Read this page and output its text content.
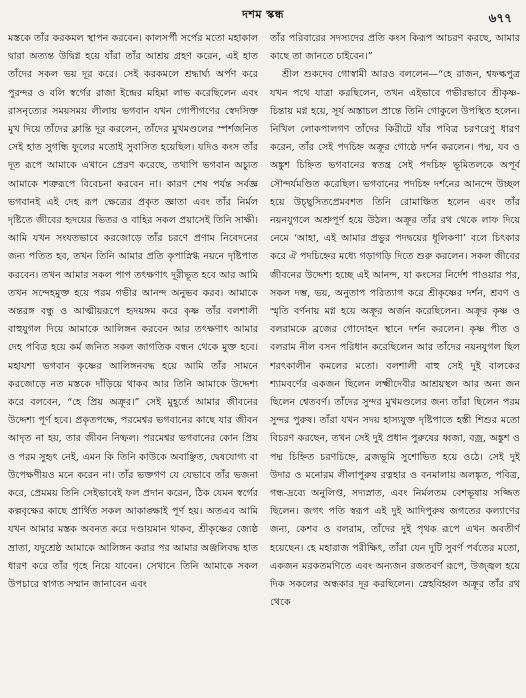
দশম স্কন্ধ	৬৭৭

মস্তকে তাঁর করকমল স্থাপন করবেন। কালসর্পী সর্পের মতো মহাকাল দ্বারা অত্যন্ত উদ্বিগ্ন হয়ে যাঁরা তাঁর আশ্রয় গ্রহণ করেন, এই হাত তাঁদের সকল ভয় দূর করে। সেই করকমলে শ্রদ্ধার্ঘ্য অর্পণ করে পুরন্দর ও বলি স্বর্গের রাজা ইন্দ্রের মহিমা লাভ করেছিলেন এবং রাসনৃত্যের সময়সময় লীলায় ভগবান যখন গোপীগণের স্বেদসিক্ত মুখ দিয়ে তাঁদের ক্লান্তি দূর করলেন, তাঁদের মুখমণ্ডলের স্পর্শজনিত সেই হাত সুগন্ধি ফুলের মতোই সুবাসিত হয়েছিল। যদিও কংস তাঁর দূত রূপে আমাকে এখানে প্রেরণ করেছে, তথাপি ভগবান অচ্যুত আমাকে শত্রুরূপে বিবেচনা করবেন না। কারণ শেষ পর্যন্ত সর্বজ্ঞ ভগবানই এই দেহ রূপ ক্ষেত্রের প্রকৃত জ্ঞাতা এবং তাঁর নির্মল দৃষ্টিতে জীবের হৃদয়ের ভিতর ও বাহির সকল প্রয়াসেই তিনি সাক্ষী। আমি যখন সংযতভাবে করজোড়ে তাঁর চরণে প্রণাম নিবেদনের জন্য পতিত হব, তখন তিনি আমার প্রতি কৃপাস্নিগ্ধ নয়নে দৃষ্টিপাত করবেন। তখন আমার সকল পাপ তৎক্ষণাৎ দূরীভূত হবে আর আমি তখন সন্দেহমুক্ত হয়ে পরম গভীর আনন্দ অনুভব করব। আমাকে অন্তরঙ্গ বন্ধু ও আত্মীয়রূপে হৃদয়ঙ্গম করে কৃষ্ণ তাঁর বলশালী বাহুযুগল দিয়ে আমাকে আলিঙ্গন করবেন আর তৎক্ষণাৎ আমার দেহ পবিত্র হয়ে কর্ম জনিত সকল জাগতিক বন্ধন থেকে মুক্ত হবে। মহাযশা ভগবান কৃষ্ণের আলিঙ্গনবদ্ধ হয়ে আমি তাঁর সামনে করজোড়ে নত মস্তকে দাঁড়িয়ে থাকব আর তিনি আমাকে উদ্দেশ্য করে বলবেন, “হে প্রিয় অক্রূর।” সেই মুহূর্তে আমার জীবনের উদ্দেশ্য পূর্ণ হবে। প্রকৃতপক্ষে, পরমেশ্বর ভগবানের কাছে যার জীবন আদৃত না হয়, তার জীবন নিষ্ফল। পরমেশ্বর ভগবানের কোন প্রিয় ও পরম সুহৃৎ নেই, এমন কি তিনি কাউকে অবাঞ্ছিত, দ্বেষযোগ্য বা উপেক্ষণীয়ও মনে করেন না। তাঁর ভক্তগণ যে যেভাবে তাঁর ভজনা করে, প্রেমময় তিনি সেইভাবেই ফল প্রদান করেন, ঠিক যেমন স্বর্গের কল্পবৃক্ষের কাছে প্রার্থিত সকল আকাঙ্ক্ষাই পূর্ণ হয়। অতএব আমি যখন আমার মস্তক অবনত করে দণ্ডায়মান থাকব, শ্রীকৃষ্ণের জ্যেষ্ঠ ভ্রাতা, যদুশ্রেষ্ঠ আমাকে আলিঙ্গন করার পর আমার অঞ্জলিবদ্ধ হাত ধারণ করে তাঁর গৃহে নিয়ে যাবেন। সেখানে তিনি আমাকে সকল উপচারে স্বাগত সম্মান জানাবেন এবং

তাঁর পরিবারের সদস্যদের প্রতি কংস কিরূপ আচরণ করছে, আমার কাছে তা জানতে চাইবেন।”

শ্রীল শুকদেব গোস্বামী আরও বললেন—“হে রাজন, শ্বফল্কপুত্র যখন পথে যাত্রা করছিলেন, তখন এইভাবে গভীরভাবে শ্রীকৃষ্ণ-চিন্তায় মগ্ন হয়ে, সূর্য অস্তাচল প্রান্তে তিনি গোকুলে উপস্থিত হলেন। নিখিল লোকপালগণ তাঁদের কিরীটে যাঁর পবিত্র চরণরেণু ধারণ করেন, তাঁর সেই পদচিহ্ন অক্রূর গোষ্ঠে দর্শন করলেন। পদ্ম, যব ও অঙ্কুশ চিহ্নিত ভগবানের স্বতন্ত্র সেই পদচিহ্ন ভূমিতলকে অপূর্ব সৌন্দর্যমণ্ডিত করেছিল। ভগবানের পদচিহ্ন দর্শনের আনন্দে উচ্ছল হয়ে উচ্ছ্বসিতপ্রেমবশত তিনি রোমাঞ্চিত হলেন এবং তাঁর নয়নযুগলে অশ্রুপূর্ণ হয়ে উঠল। অক্রূর তাঁর রথ থেকে লাফ দিয়ে নেমে ‘আহা, এই আমার প্রভুর পদদ্বয়ের ধূলিকণা’ বলে চিৎকার করে ঐ পদচিহ্নের মধ্যে গড়াগড়ি দিতে শুরু করলেন। সকল জীবের জীবনের উদ্দেশ্য হচ্ছে এই আনন্দ, যা কংসের নির্দেশ পাওয়ার পর, সকল দম্ভ, ভয়, অনুতাপ পরিত্যাগ করে শ্রীকৃষ্ণের দর্শন, শ্রবণ ও স্মৃতি বর্ণনায় মগ্ন হয়ে অক্রূর অর্জন করেছিলেন। অক্রূর কৃষ্ণ ও বলরামকে ব্রজের গোদোহন স্থানে দর্শন করলেন। কৃষ্ণ পীত ও বলরাম নীল বসন পরিধান করেছিলেন আর তাঁদের নয়নযুগল ছিল শরৎকালীন কমলের মতো। বলশালী বাহু সেই দুই বালকের শ্যামবর্ণের একজন ছিলেন লক্ষ্মীদেবীর আশ্রয়স্থল আর অন্য জন ছিলেন শ্বেতবর্ণ। তাঁদের সুন্দর মুখমণ্ডলের জন্য তাঁরা ছিলেন পরম সুন্দর পুরুষ। তাঁরা যখন সদয় হাস্যযুক্ত দৃষ্টিপাতে হস্তী শিশুর মতো বিচরণ করছেন, তখন সেই দুই প্রধান পুরুষের ধ্বজা, বজ্র, অঙ্কুশ ও পদ্ম চিহ্নিত চরণচিহ্নে, ব্রজভূমি সুশোভিত হয়ে ওঠে। সেই দুই উদার ও মনোরম লীলাপুরুষ রত্নহার ও বনমালায় অলঙ্কৃত, পবিত্র, গন্ধ-দ্রব্যে অনুলিপ্ত, সদ্যস্নাত, এবং নির্মলতম বেশভূষায় সজ্জিত ছিলেন। জগৎ পতি স্বরূপ এই দুই আদিপুরুষ জগতের কল্যাণের জন্য, কেশব ও বলরাম, তাঁদের দুই পৃথক রূপে এখন অবতীর্ণ হয়েছেন। হে মহারাজ পরীক্ষিৎ, তাঁরা যেন দুটি সুবর্ণ পর্বতের মতো, একজন মরকতমণিতে এবং অন্যজন রজতবর্ণ রূপে, উজ্জ্বল হয়ে দিক সকলের অন্ধকার দূর করছিলেন। স্নেহবিহ্বল অক্রূর তাঁর রথ থেকে
